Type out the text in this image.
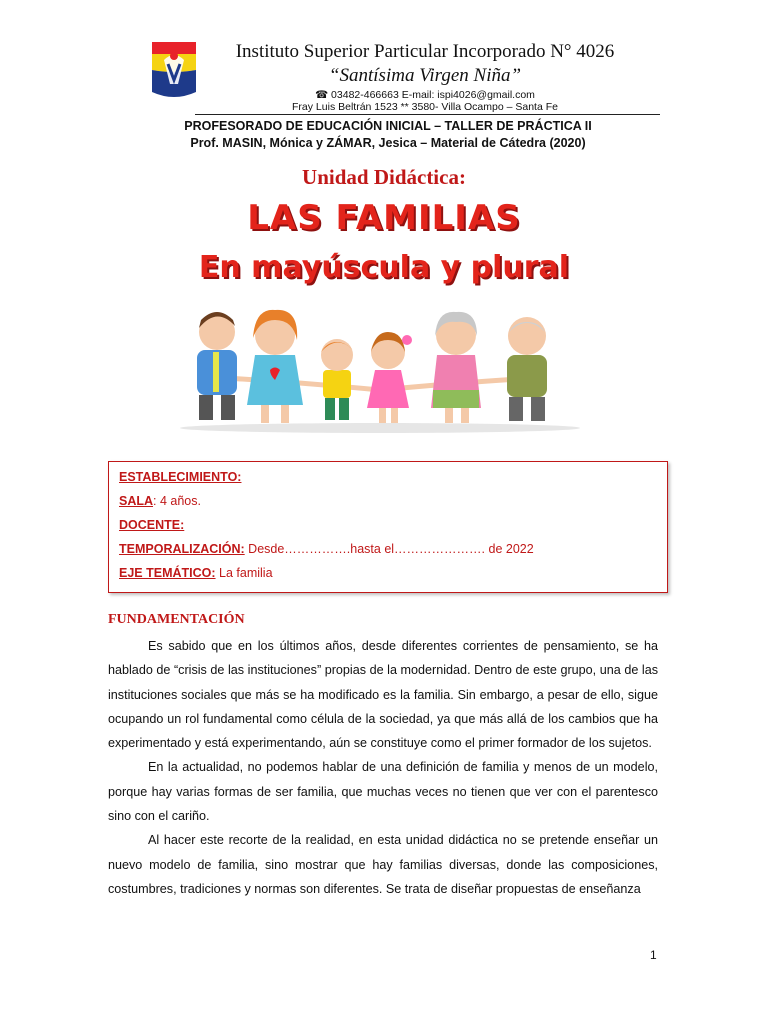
Instituto Superior Particular Incorporado N° 4026
“Santísima Virgen Niña”
☎ 03482-466663 E-mail: ispi4026@gmail.com
Fray Luis Beltrán 1523 ** 3580- Villa Ocampo – Santa Fe
PROFESORADO DE EDUCACIÓN INICIAL – TALLER DE PRÁCTICA II
Prof. MASIN, Mónica y ZÁMAR, Jesica – Material de Cátedra (2020)
Unidad Didáctica:
LAS FAMILIAS
En mayúscula y plural
ESTABLECIMIENTO:
SALA: 4 años.
DOCENTE:
TEMPORALIZACIÓN: Desde…………….hasta el…………………. de 2022
EJE TEMÁTICO: La familia
FUNDAMENTACIÓN

Es sabido que en los últimos años, desde diferentes corrientes de pensamiento, se ha hablado de “crisis de las instituciones” propias de la modernidad. Dentro de este grupo, una de las instituciones sociales que más se ha modificado es la familia. Sin embargo, a pesar de ello, sigue ocupando un rol fundamental como célula de la sociedad, ya que más allá de los cambios que ha experimentado y está experimentando, aún se constituye como el primer formador de los sujetos.

En la actualidad, no podemos hablar de una definición de familia y menos de un modelo, porque hay varias formas de ser familia, que muchas veces no tienen que ver con el parentesco sino con el cariño.

Al hacer este recorte de la realidad, en esta unidad didáctica no se pretende enseñar un nuevo modelo de familia, sino mostrar que hay familias diversas, donde las composiciones, costumbres, tradiciones y normas son diferentes. Se trata de diseñar propuestas de enseñanza

1
